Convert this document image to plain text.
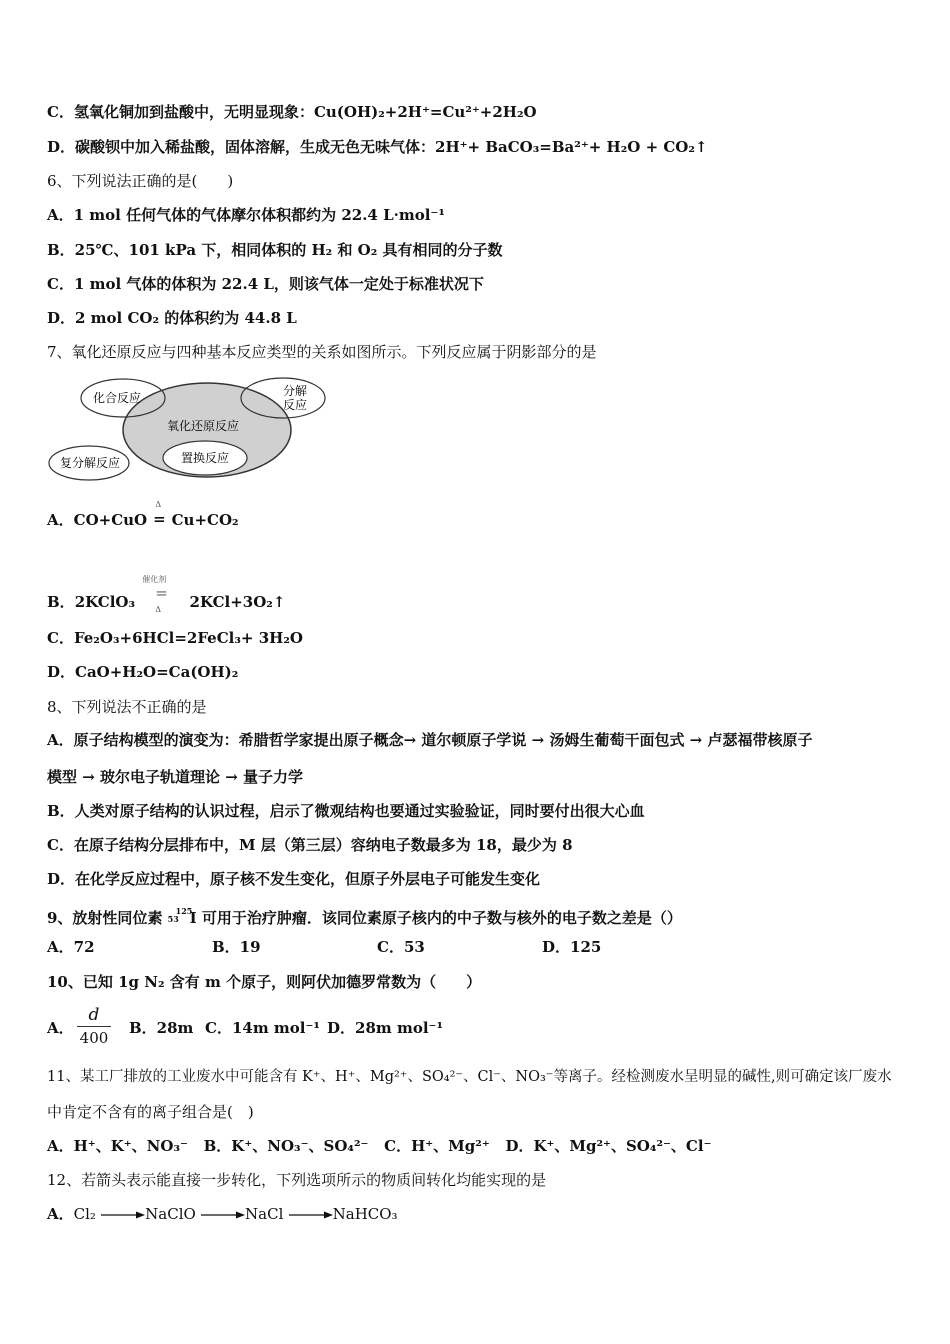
C．氢氧化铜加到盐酸中，无明显现象：Cu(OH)₂+2H⁺=Cu²⁺+2H₂O
D．碳酸钡中加入稀盐酸，固体溶解，生成无色无味气体：2H⁺+ BaCO₃=Ba²⁺+ H₂O + CO₂↑
6、下列说法正确的是(　　)
A．1 mol 任何气体的气体摩尔体积都约为 22.4 L·mol⁻¹
B．25℃、101 kPa 下，相同体积的 H₂ 和 O₂ 具有相同的分子数
C．1 mol 气体的体积为 22.4 L，则该气体一定处于标准状况下
D．2 mol CO₂ 的体积约为 44.8 L
7、氧化还原反应与四种基本反应类型的关系如图所示。下列反应属于阴影部分的是
化合反应	分解
反应
氧化还原反应
置换反应
复分解反应
A．CO+CuO
Δ
= Cu+CO₂
B．2KClO₃
催化剂
=
Δ 2KCl+3O₂↑
C．Fe₂O₃+6HCl=2FeCl₃+ 3H₂O
D．CaO+H₂O=Ca(OH)₂
8、下列说法不正确的是
A．原子结构模型的演变为：希腊哲学家提出原子概念→ 道尔顿原子学说 → 汤姆生葡萄干面包式 → 卢瑟福带核原子
模型 → 玻尔电子轨道理论 → 量子力学
B．人类对原子结构的认识过程，启示了微观结构也要通过实验验证，同时要付出很大心血
C．在原子结构分层排布中，M 层（第三层）容纳电子数最多为 18，最少为 8
D．在化学反应过程中，原子核不发生变化，但原子外层电子可能发生变化
9、放射性同位素 53
125
I 可用于治疗肿瘤．该同位素原子核内的中子数与核外的电子数之差是（）
A．72	B．19	C．53	D．125
10、已知 1g N₂ 含有 m 个原子，则阿伏加德罗常数为（　　）
A． $\frac{d}{400}$ B．28m C．14m mol⁻¹ D．28m mol⁻¹
11、某工厂排放的工业废水中可能含有 K⁺、H⁺、Mg²⁺、SO₄²⁻、Cl⁻、NO₃⁻等离子。经检测废水呈明显的碱性,则可确定该厂废水
中肯定不含有的离子组合是(　)
A．H⁺、K⁺、NO₃⁻ B．K⁺、NO₃⁻、SO₄²⁻ C．H⁺、Mg²⁺ D．K⁺、Mg²⁺、SO₄²⁻、Cl⁻
12、若箭头表示能直接一步转化，下列选项所示的物质间转化均能实现的是
A．Cl₂	NaClO	NaCl	NaHCO₃
